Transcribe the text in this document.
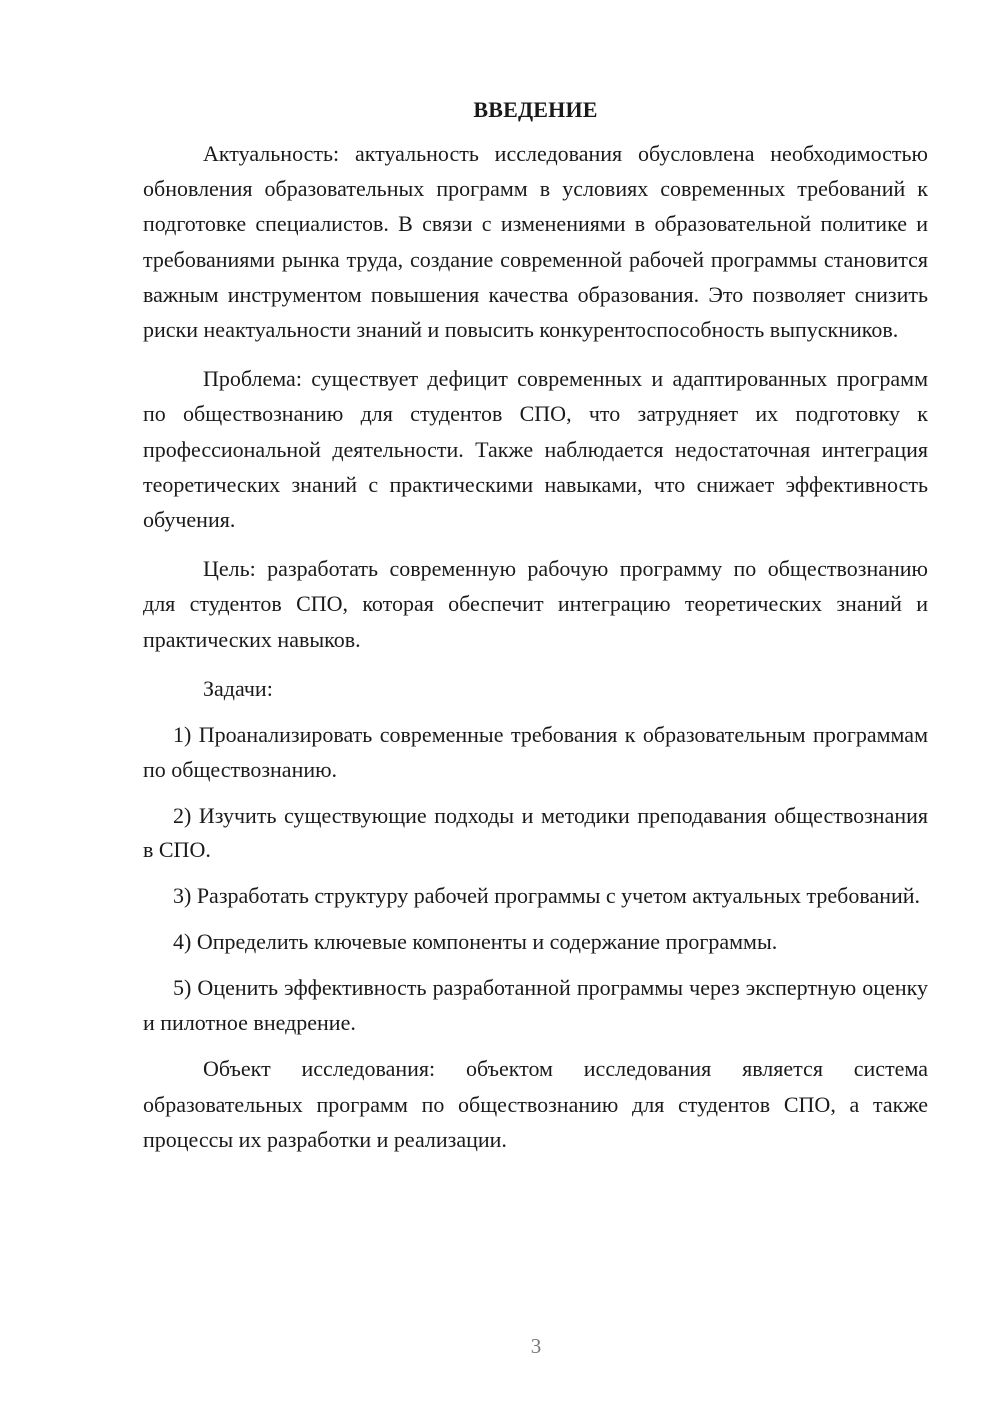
ВВЕДЕНИЕ

Актуальность: актуальность исследования обусловлена необходимостью обновления образовательных программ в условиях современных требований к подготовке специалистов. В связи с изменениями в образовательной политике и требованиями рынка труда, создание современной рабочей программы становится важным инструментом повышения качества образования. Это позволяет снизить риски неактуальности знаний и повысить конкурентоспособность выпускников.

Проблема: существует дефицит современных и адаптированных программ по обществознанию для студентов СПО, что затрудняет их подготовку к профессиональной деятельности. Также наблюдается недостаточная интеграция теоретических знаний с практическими навыками, что снижает эффективность обучения.

Цель: разработать современную рабочую программу по обществознанию для студентов СПО, которая обеспечит интеграцию теоретических знаний и практических навыков.

Задачи:

1) Проанализировать современные требования к образовательным программам по обществознанию.

2) Изучить существующие подходы и методики преподавания обществознания в СПО.

3) Разработать структуру рабочей программы с учетом актуальных требований.

4) Определить ключевые компоненты и содержание программы.

5) Оценить эффективность разработанной программы через экспертную оценку и пилотное внедрение.

Объект исследования: объектом исследования является система образовательных программ по обществознанию для студентов СПО, а также процессы их разработки и реализации.

3
